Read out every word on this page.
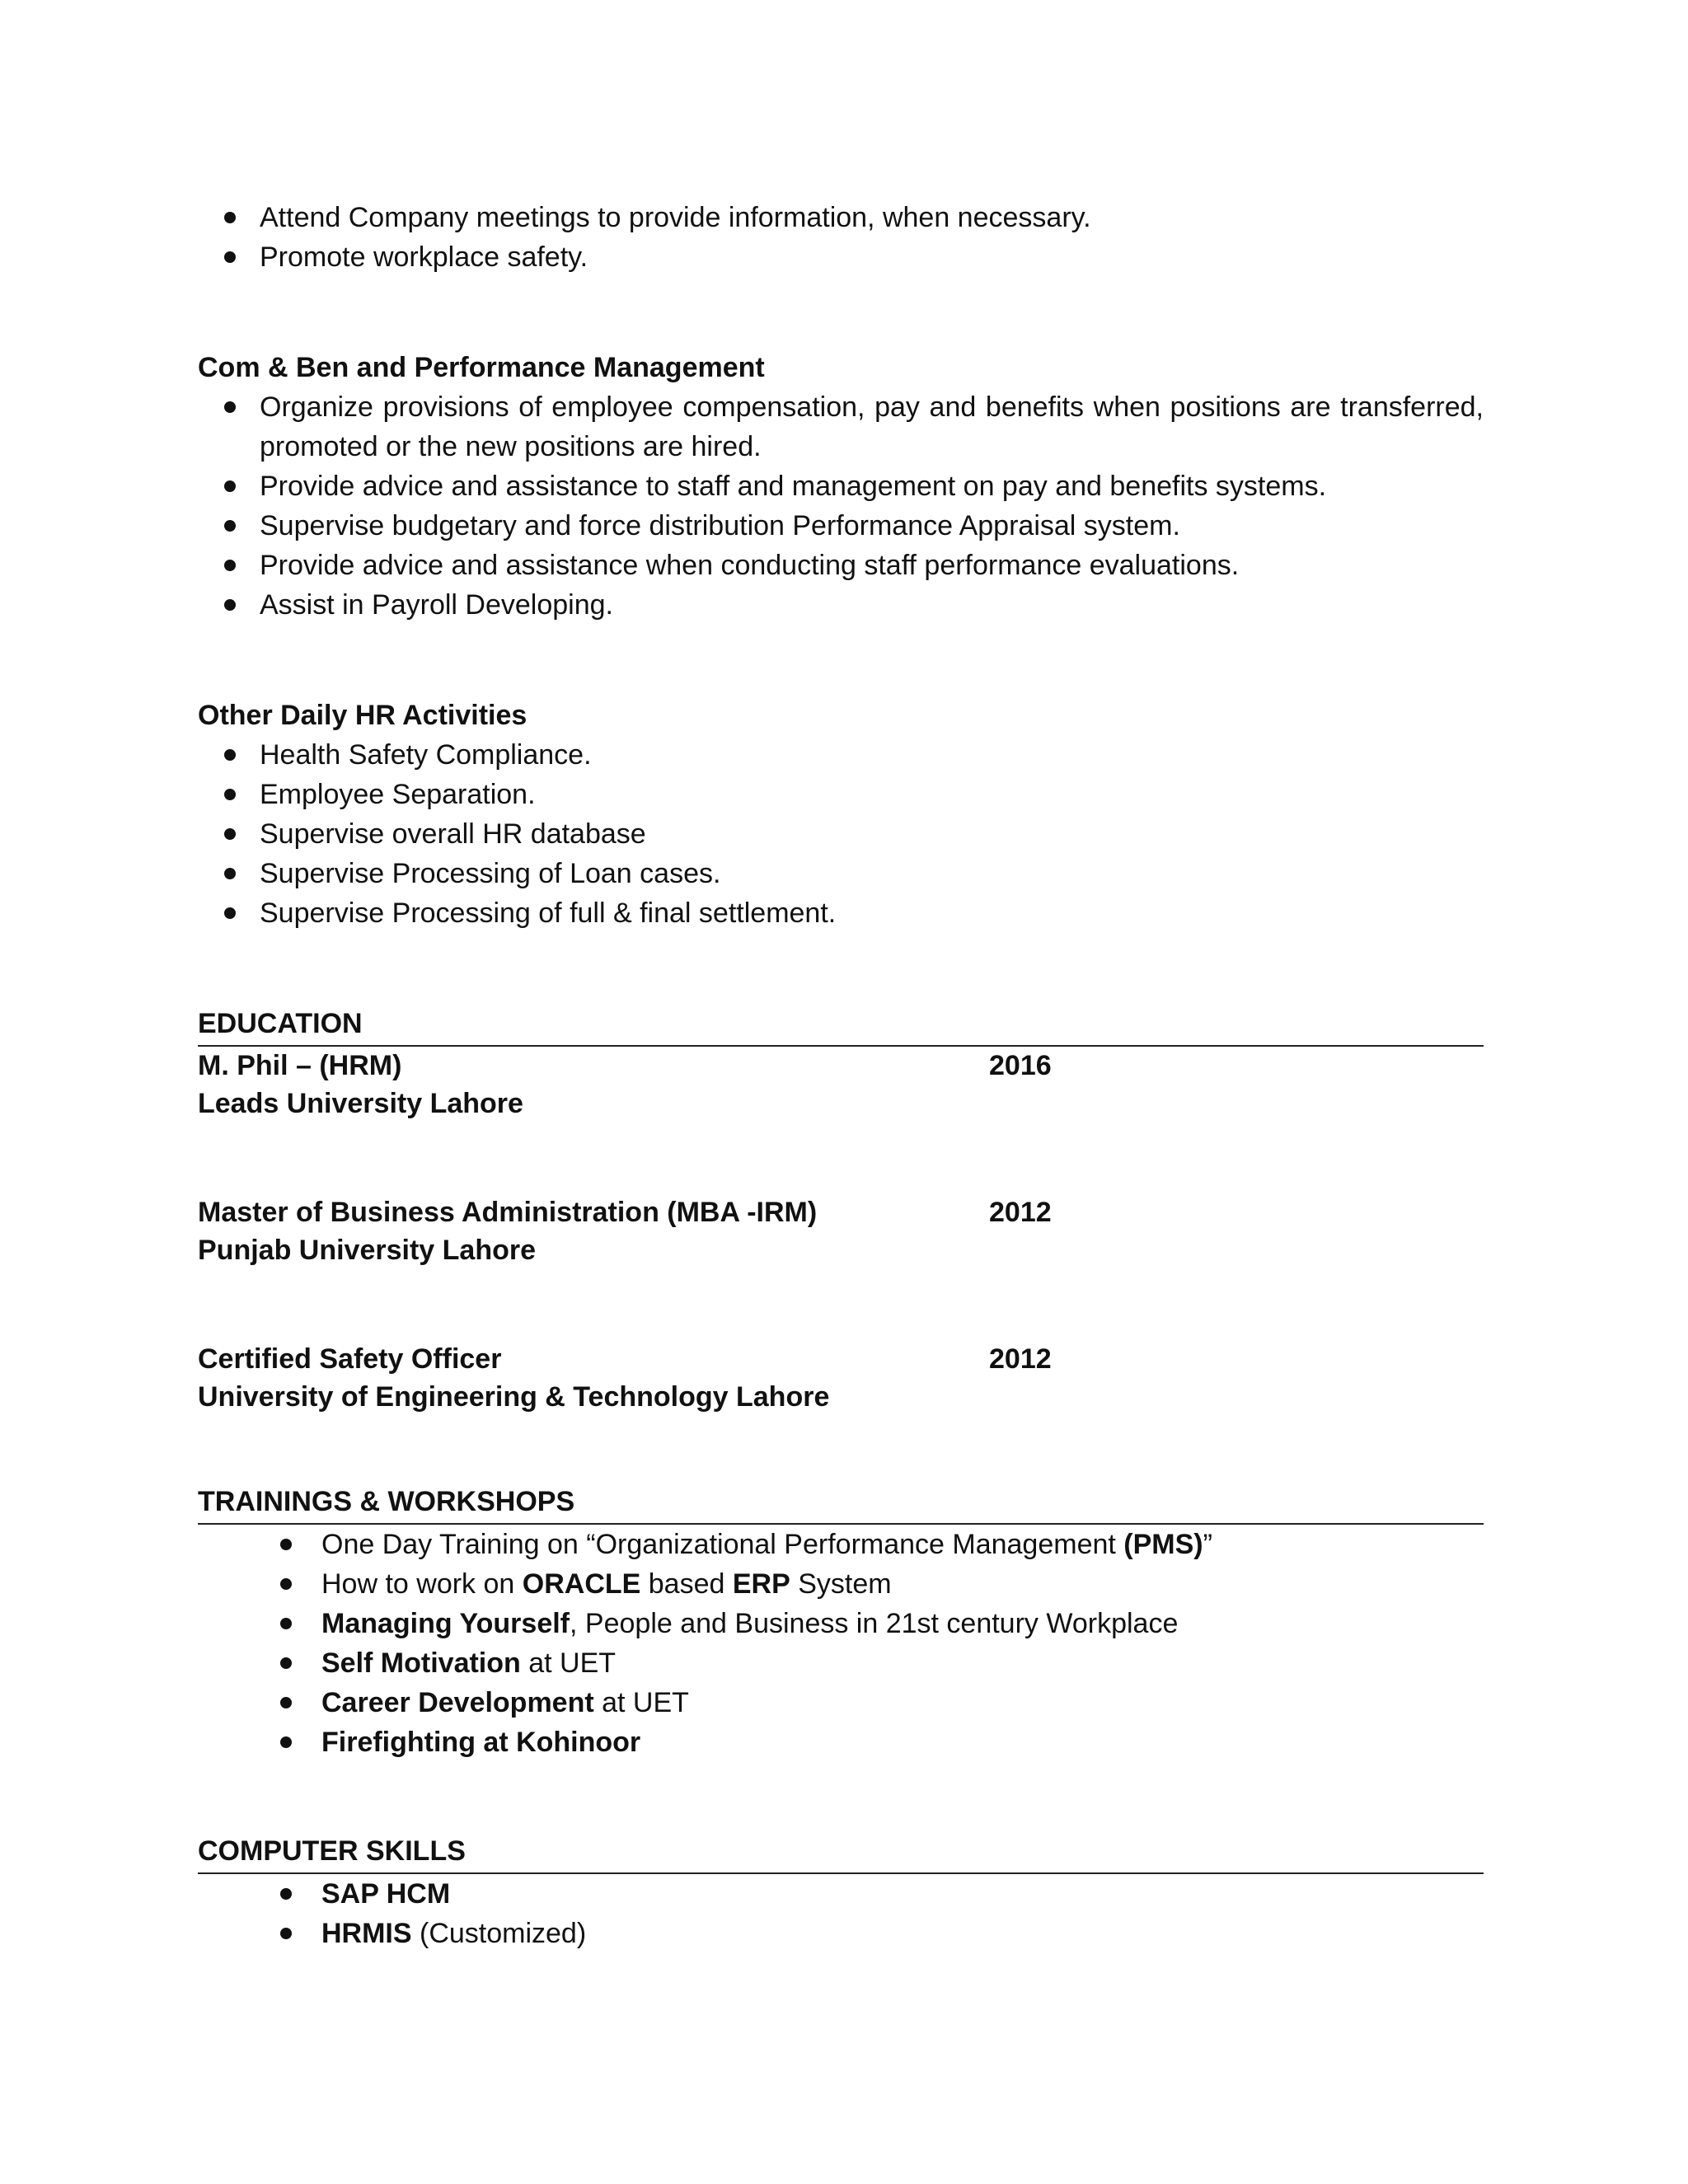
Attend Company meetings to provide information, when necessary.
Promote workplace safety.

Com & Ben and Performance Management

Organize provisions of employee compensation, pay and benefits when positions are transferred, promoted or the new positions are hired.
Provide advice and assistance to staff and management on pay and benefits systems.
Supervise budgetary and force distribution Performance Appraisal system.
Provide advice and assistance when conducting staff performance evaluations.
Assist in Payroll Developing.

Other Daily HR Activities

Health Safety Compliance.
Employee Separation.
Supervise overall HR database
Supervise Processing of Loan cases.
Supervise Processing of full & final settlement.

EDUCATION

M. Phil – (HRM)	2016
Leads University Lahore
Master of Business Administration (MBA -IRM)	2012
Punjab University Lahore
Certified Safety Officer	2012
University of Engineering & Technology Lahore

TRAININGS & WORKSHOPS

One Day Training on “Organizational Performance Management (PMS)”
How to work on ORACLE based ERP System
Managing Yourself, People and Business in 21st century Workplace
Self Motivation at UET
Career Development at UET
Firefighting at Kohinoor

COMPUTER SKILLS

SAP HCM
HRMIS (Customized)
